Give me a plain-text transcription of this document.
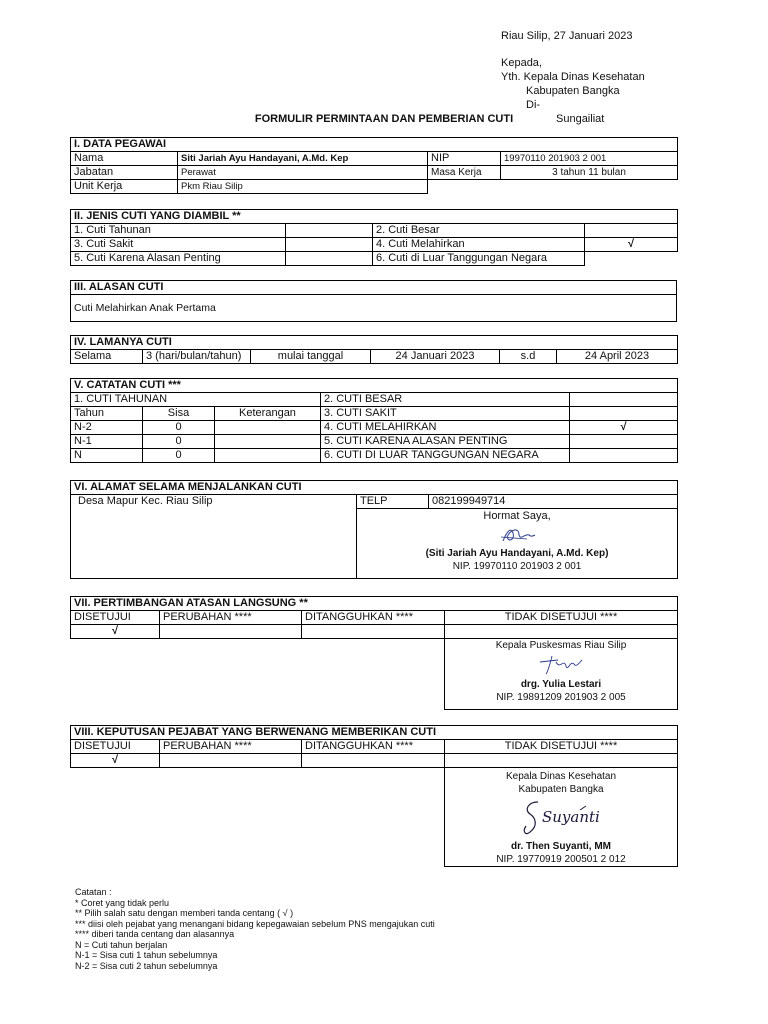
Riau Silip, 27 Januari 2023
Kepada,
Yth. Kepala Dinas Kesehatan
Kabupaten Bangka
Di-
Sungailiat
FORMULIR PERMINTAAN DAN PEMBERIAN CUTI
I. DATA PEGAWAI			
Nama	Siti Jariah Ayu Handayani, A.Md. Kep	NIP	19970110 201903 2 001
Jabatan	Perawat	Masa Kerja	3 tahun 11 bulan
Unit Kerja	Pkm Riau Silip		
II. JENIS CUTI YANG DIAMBIL **			
1. Cuti Tahunan		2. Cuti Besar	
3. Cuti Sakit		4. Cuti Melahirkan	√
5. Cuti Karena Alasan Penting		6. Cuti di Luar Tanggungan Negara	
III. ALASAN CUTI
Cuti Melahirkan Anak Pertama
IV. LAMANYA CUTI
Selama	3 (hari/bulan/tahun)	mulai tanggal	24 Januari 2023	s.d	24 April 2023
V. CATATAN CUTI ***				
1. CUTI TAHUNAN			2. CUTI BESAR	
Tahun	Sisa	Keterangan	3. CUTI SAKIT	
N-2	0		4. CUTI MELAHIRKAN	√
N-1	0		5. CUTI KARENA ALASAN PENTING	
N	0		6. CUTI DI LUAR TANGGUNGAN NEGARA	
VI. ALAMAT SELAMA MENJALANKAN CUTI
Desa Mapur Kec. Riau Silip	TELP	082199949714

Hormat Saya,
(Siti Jariah Ayu Handayani, A.Md. Kep)
NIP. 19970110 201903 2 001
VII. PERTIMBANGAN ATASAN LANGSUNG **			
DISETUJUI	PERUBAHAN ****	DITANGGUHKAN ****	TIDAK DISETUJUI ****
√			

			Kepala Puskesmas Riau Silip
drg. Yulia Lestari
NIP. 19891209 201903 2 005
VIII. KEPUTUSAN PEJABAT YANG BERWENANG MEMBERIKAN CUTI			
DISETUJUI	PERUBAHAN ****	DITANGGUHKAN ****	TIDAK DISETUJUI ****
√			

			Kepala Dinas Kesehatan
Kabupaten Bangka
Suyanti
dr. Then Suyanti, MM
NIP. 19770919 200501 2 012
Catatan :
* Coret yang tidak perlu
** Pilih salah satu dengan memberi tanda centang ( √ )
*** diisi oleh pejabat yang menangani bidang kepegawaian sebelum PNS mengajukan cuti
**** diberi tanda centang dan alasannya
N = Cuti tahun berjalan
N-1 = Sisa cuti 1 tahun sebelumnya
N-2 = Sisa cuti 2 tahun sebelumnya
